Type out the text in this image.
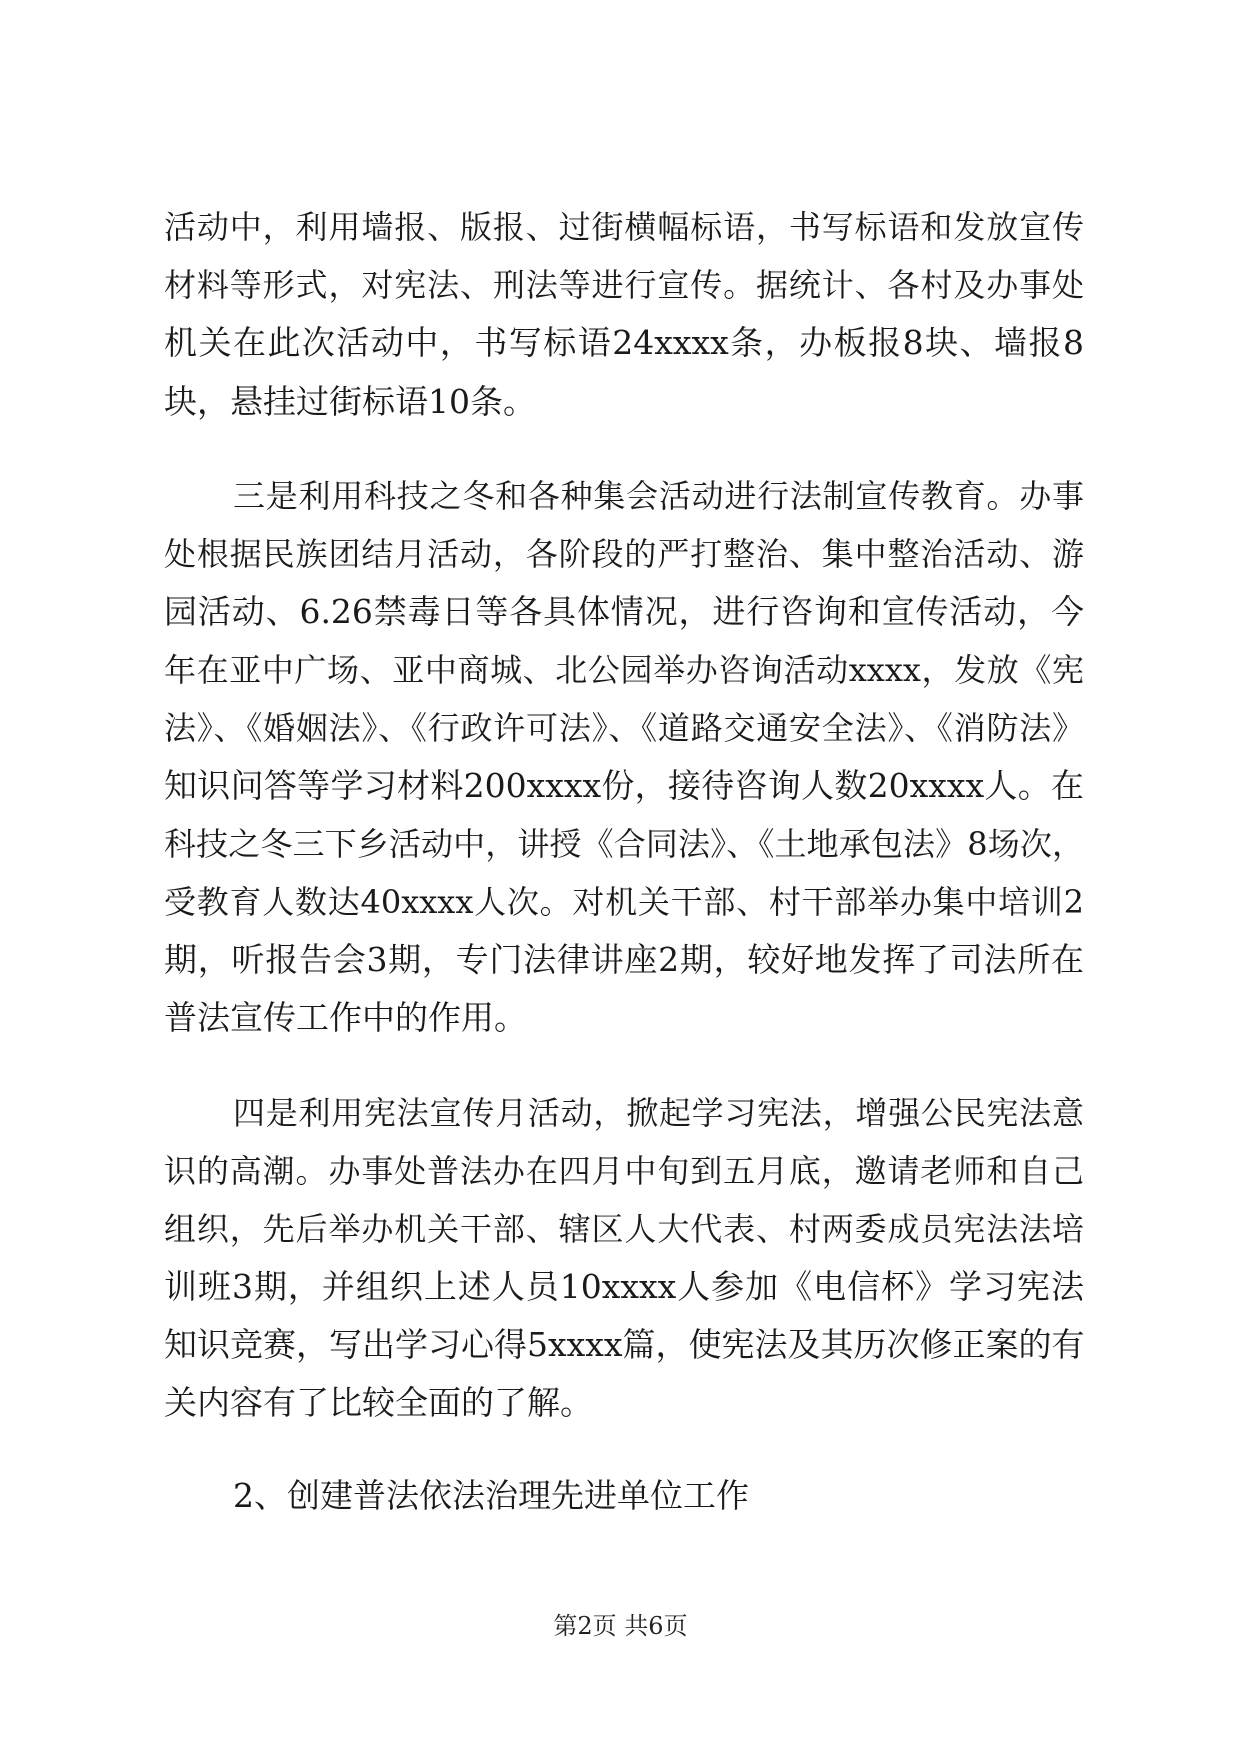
活动中，利用墙报、版报、过街横幅标语，书写标语和发放宣传
材料等形式，对宪法、刑法等进行宣传。据统计、各村及办事处
机关在此次活动中，书写标语24xxxx条，办板报8块、墙报8
块，悬挂过街标语10条。
三是利用科技之冬和各种集会活动进行法制宣传教育。办事
处根据民族团结月活动，各阶段的严打整治、集中整治活动、游
园活动、6.26禁毒日等各具体情况，进行咨询和宣传活动，今
年在亚中广场、亚中商城、北公园举办咨询活动xxxx，发放《宪
法》、《婚姻法》、《行政许可法》、《道路交通安全法》、《消防法》
知识问答等学习材料200xxxx份，接待咨询人数20xxxx人。在
科技之冬三下乡活动中，讲授《合同法》、《土地承包法》8场次，
受教育人数达40xxxx人次。对机关干部、村干部举办集中培训2
期，听报告会3期，专门法律讲座2期，较好地发挥了司法所在
普法宣传工作中的作用。
四是利用宪法宣传月活动，掀起学习宪法，增强公民宪法意
识的高潮。办事处普法办在四月中旬到五月底，邀请老师和自己
组织，先后举办机关干部、辖区人大代表、村两委成员宪法法培
训班3期，并组织上述人员10xxxx人参加《电信杯》学习宪法
知识竞赛，写出学习心得5xxxx篇，使宪法及其历次修正案的有
关内容有了比较全面的了解。
2、创建普法依法治理先进单位工作
第2页 共6页
